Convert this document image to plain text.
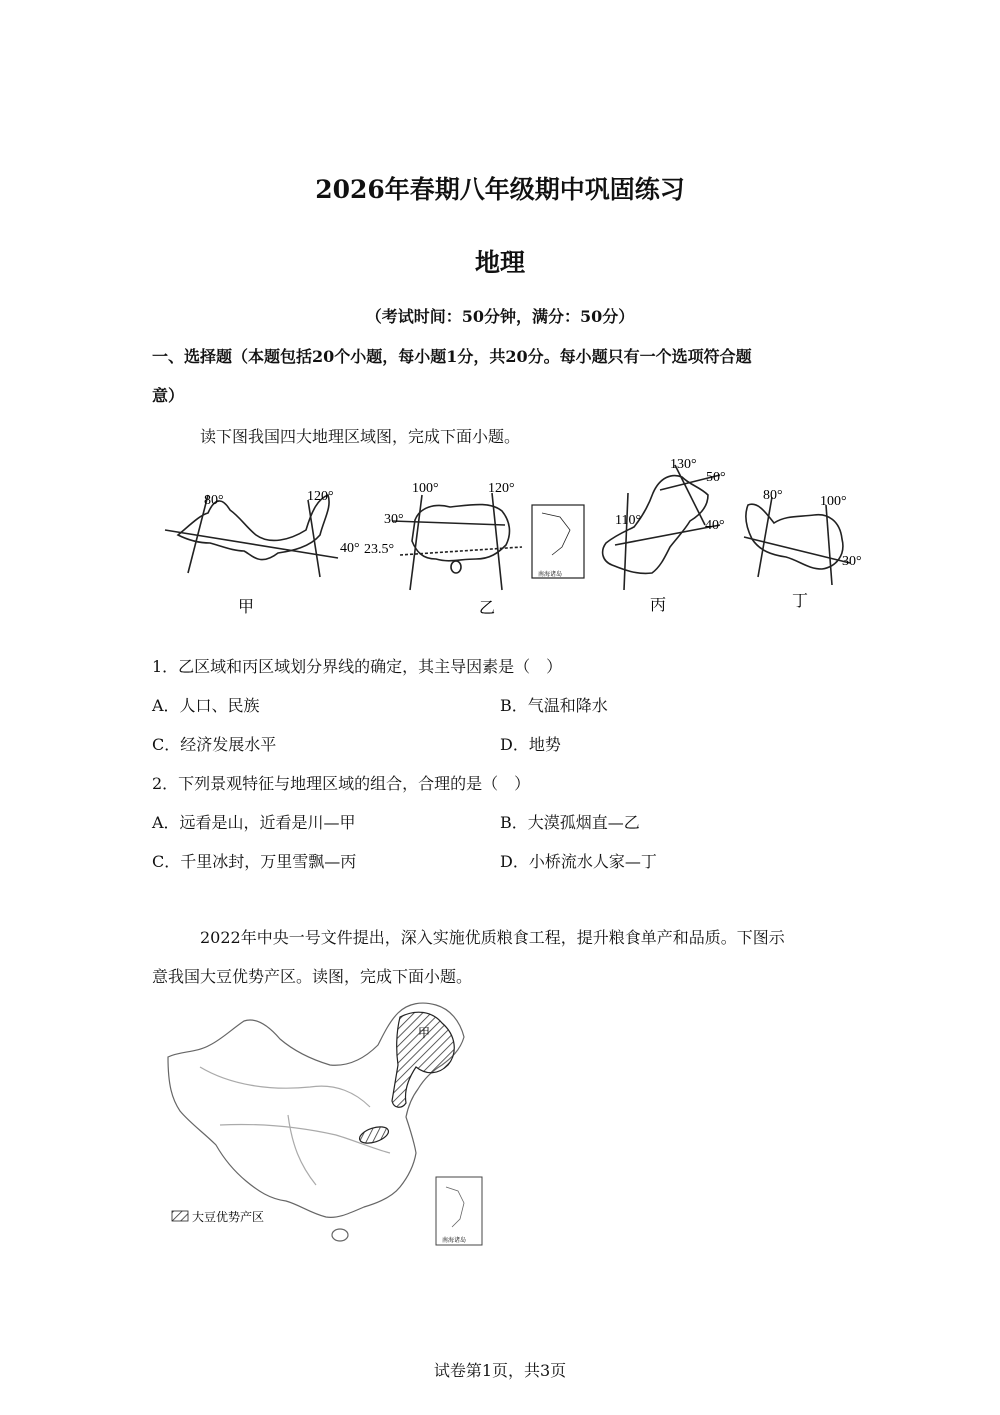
2026年春期八年级期中巩固练习
地理
（考试时间：50分钟，满分：50分）
一、选择题（本题包括20个小题，每小题1分，共20分。每小题只有一个选项符合题
意）
读下图我国四大地理区域图，完成下面小题。
80°	120°
40°
甲
100°	120°
30°
23.5°
南海诸岛
乙
130°
50°
110°	40°
丙
80°	100°
30°
丁
1．乙区域和丙区域划分界线的确定，其主导因素是（　）
A．人口、民族	B．气温和降水
C．经济发展水平	D．地势
2．下列景观特征与地理区域的组合，合理的是（　）
A．远看是山，近看是川—甲	B．大漠孤烟直—乙
C．千里冰封，万里雪飘—丙	D．小桥流水人家—丁
2022年中央一号文件提出，深入实施优质粮食工程，提升粮食单产和品质。下图示
意我国大豆优势产区。读图，完成下面小题。
甲
大豆优势产区
南海诸岛
试卷第1页，共3页
